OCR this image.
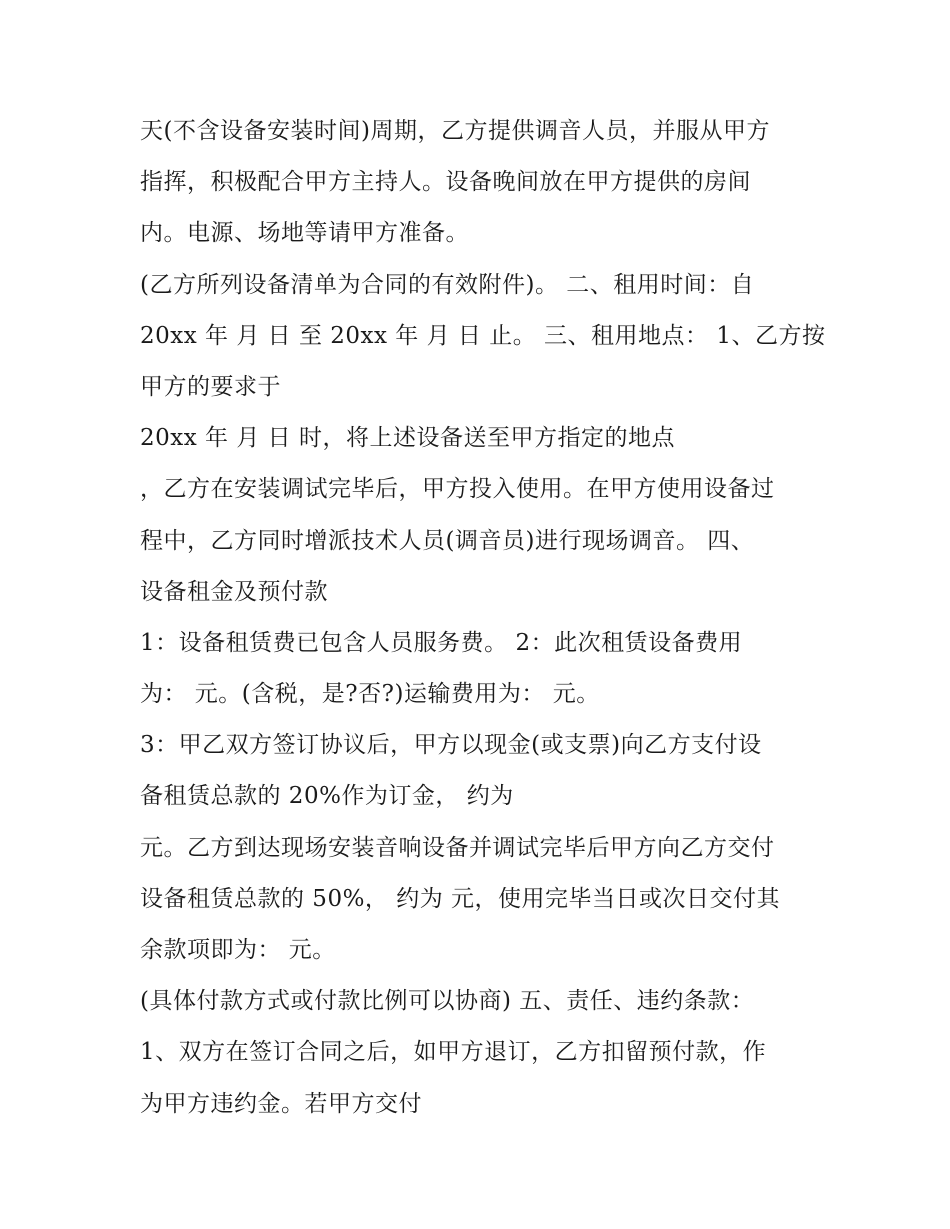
天(不含设备安装时间)周期，乙方提供调音人员，并服从甲方
指挥，积极配合甲方主持人。设备晚间放在甲方提供的房间
内。电源、场地等请甲方准备。
(乙方所列设备清单为合同的有效附件)。 二、租用时间：自
20xx 年 月 日 至 20xx 年 月 日 止。 三、租用地点： 1、乙方按
甲方的要求于
20xx 年 月 日 时，将上述设备送至甲方指定的地点
，乙方在安装调试完毕后，甲方投入使用。在甲方使用设备过
程中，乙方同时增派技术人员(调音员)进行现场调音。 四、
设备租金及预付款
1：设备租赁费已包含人员服务费。 2：此次租赁设备费用
为： 元。(含税，是?否?)运输费用为： 元。
3：甲乙双方签订协议后，甲方以现金(或支票)向乙方支付设
备租赁总款的 20%作为订金， 约为
元。乙方到达现场安装音响设备并调试完毕后甲方向乙方交付
设备租赁总款的 50%， 约为 元，使用完毕当日或次日交付其
余款项即为： 元。
(具体付款方式或付款比例可以协商) 五、责任、违约条款：
1、双方在签订合同之后，如甲方退订，乙方扣留预付款，作
为甲方违约金。若甲方交付
